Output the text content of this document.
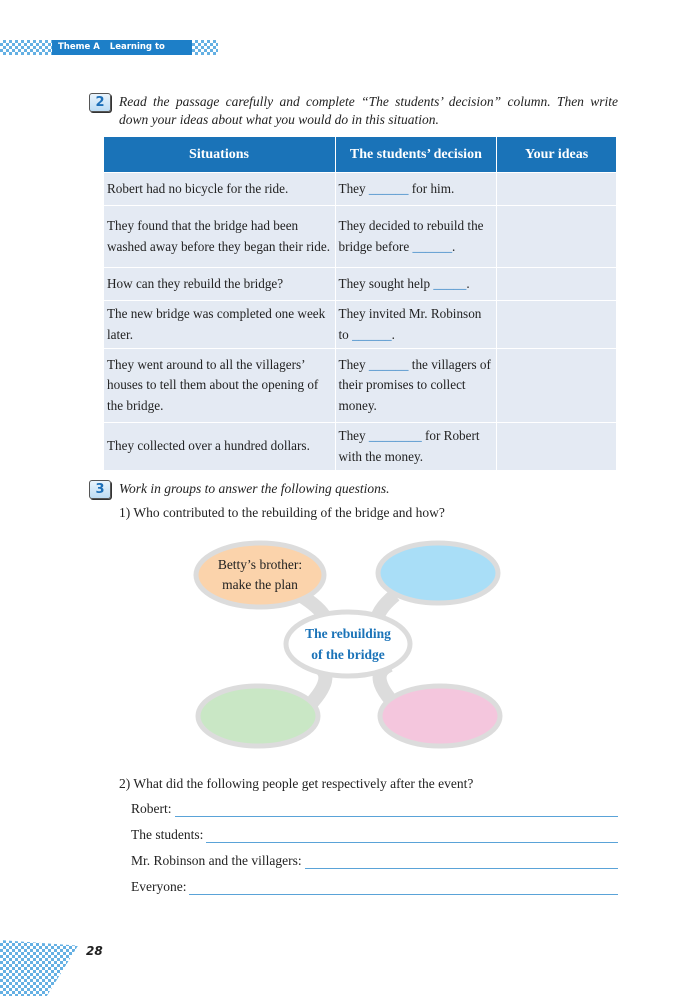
Theme A Learning to Know
2	Read the passage carefully and complete “The students’ decision” column. Then write down your ideas about what you would do in this situation.
Situations	The students’ decision	Your ideas
Robert had no bicycle for the ride.	They ______ for him.	
They found that the bridge had been washed away before they began their ride.	They decided to rebuild the bridge before ______.	
How can they rebuild the bridge?	They sought help _____.	
The new bridge was completed one week later.	They invited Mr. Robinson to ______.	
They went around to all the villagers’ houses to tell them about the opening of the bridge.	They ______ the villagers of their promises to collect money.	
They collected over a hundred dollars.	They ________ for Robert with the money.	
3	Work in groups to answer the following questions.
1) Who contributed to the rebuilding of the bridge and how?
Betty’s brother:
make the plan
The rebuilding
of the bridge
2) What did the following people get respectively after the event?
Robert:
The students:
Mr. Robinson and the villagers:
Everyone:
28
